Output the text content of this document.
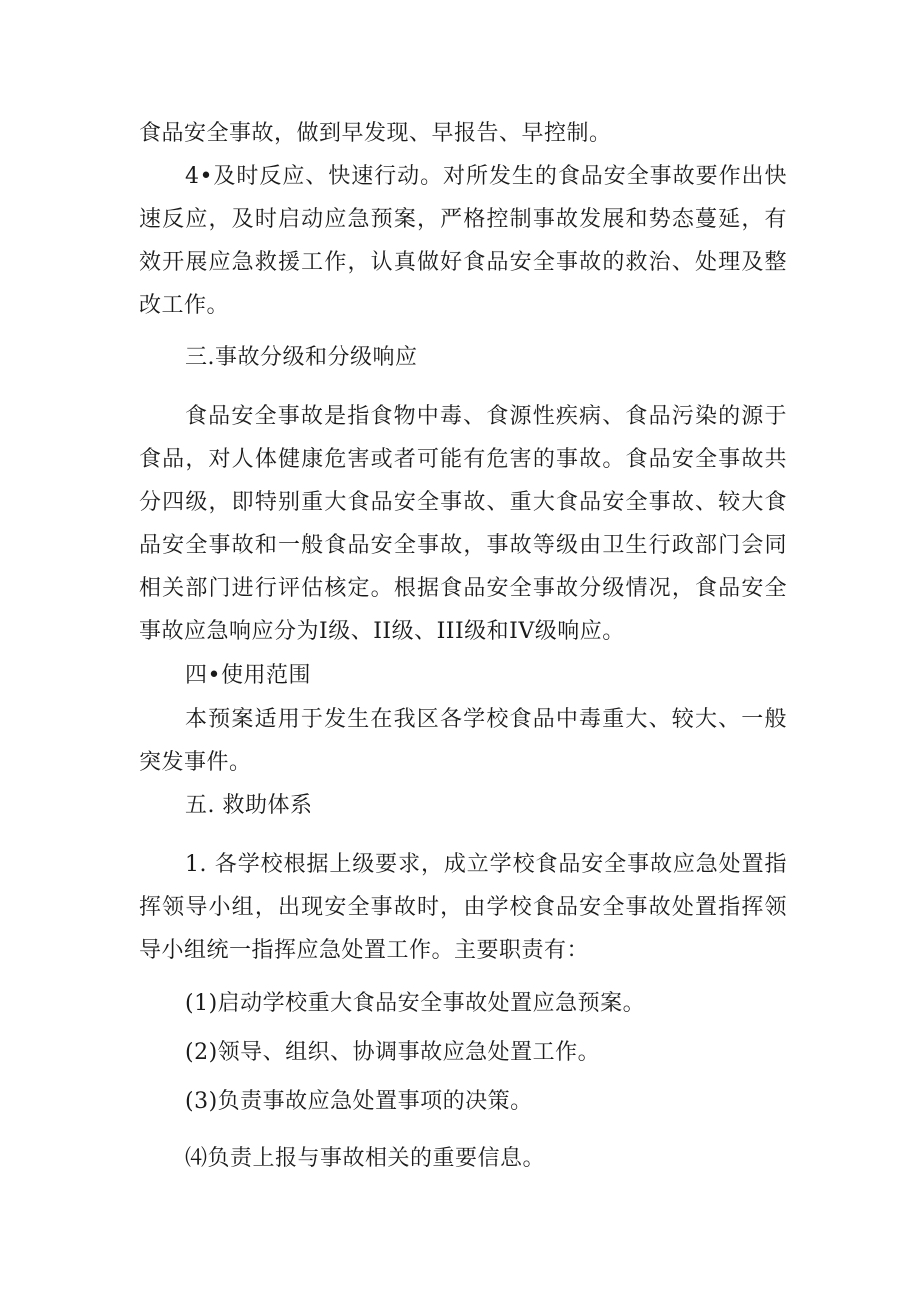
食品安全事故，做到早发现、早报告、早控制。

4•及时反应、快速行动。对所发生的食品安全事故要作出快速反应，及时启动应急预案，严格控制事故发展和势态蔓延，有效开展应急救援工作，认真做好食品安全事故的救治、处理及整改工作。

三.事故分级和分级响应

食品安全事故是指食物中毒、食源性疾病、食品污染的源于食品，对人体健康危害或者可能有危害的事故。食品安全事故共分四级，即特别重大食品安全事故、重大食品安全事故、较大食品安全事故和一般食品安全事故，事故等级由卫生行政部门会同相关部门进行评估核定。根据食品安全事故分级情况，食品安全事故应急响应分为I级、II级、III级和IV级响应。

四•使用范围

本预案适用于发生在我区各学校食品中毒重大、较大、一般突发事件。

五. 救助体系

1. 各学校根据上级要求，成立学校食品安全事故应急处置指挥领导小组，出现安全事故时，由学校食品安全事故处置指挥领导小组统一指挥应急处置工作。主要职责有：

(1)启动学校重大食品安全事故处置应急预案。

(2)领导、组织、协调事故应急处置工作。

(3)负责事故应急处置事项的决策。

⑷负责上报与事故相关的重要信息。
